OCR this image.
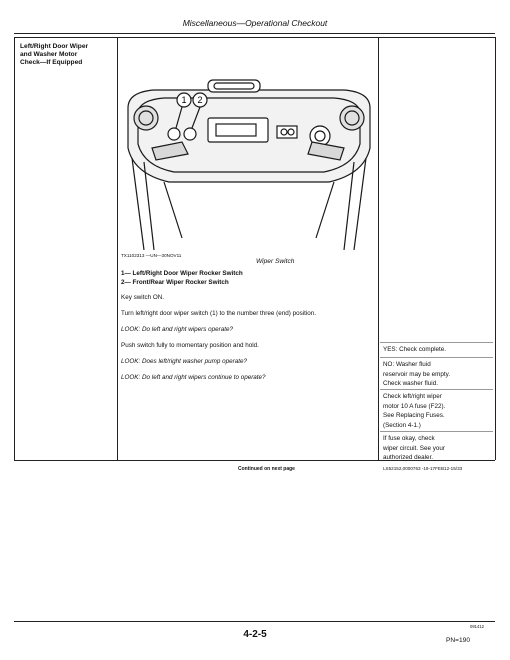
Miscellaneous—Operational Checkout
Left/Right Door Wiper
and Washer Motor
Check—If Equipped
1 2
TX1102313 —UN—30NOV11
Wiper Switch
1— Left/Right Door Wiper Rocker Switch
2— Front/Rear Wiper Rocker Switch
Key switch ON.
Turn left/right door wiper switch (1) to the number three (end) position.
LOOK: Do left and right wipers operate?
Push switch fully to momentary position and hold.
LOOK: Does left/right washer pump operate?
LOOK: Do left and right wipers continue to operate?
YES: Check complete.
NO: Washer fluid
reservoir may be empty.
Check washer fluid.
Check left/right wiper
motor 10 A fuse (F22).
See Replacing Fuses.
(Section 4-1.)
If fuse okay, check
wiper circuit. See your
authorized dealer.
Continued on next page	LS52152,0000763 -19-17FEB12-15/33
091412
4-2-5
PN=190
